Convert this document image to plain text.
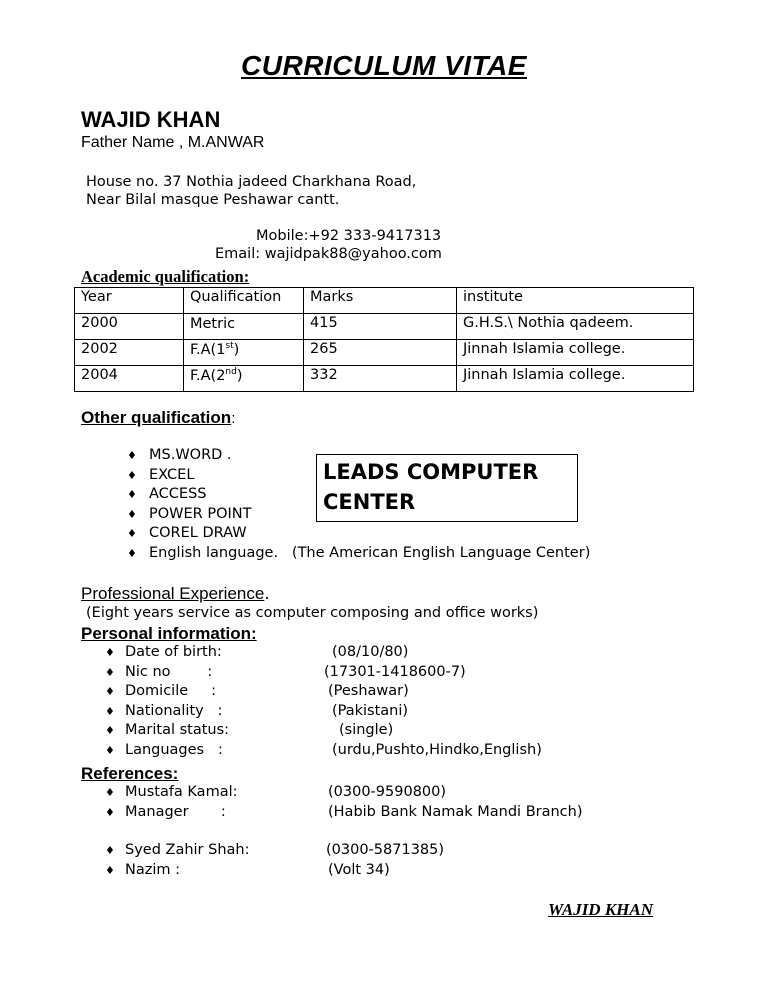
CURRICULUM VITAE
WAJID KHAN
Father Name , M.ANWAR
House no. 37 Nothia jadeed Charkhana Road,
Near Bilal masque Peshawar cantt.
Mobile:+92 333-9417313
Email: wajidpak88@yahoo.com
Academic qualification:
Year	Qualification	Marks	institute
2000	Metric	415	G.H.S.\ Nothia qadeem.
2002	F.A(1st)	265	Jinnah Islamia college.
2004	F.A(2nd)	332	Jinnah Islamia college.
Other qualification:
♦ MS.WORD .
♦ EXCEL
♦ ACCESS
♦ POWER POINT
♦ COREL DRAW
♦ English language.   (The American English Language Center)
LEADS COMPUTER
CENTER
Professional Experience.
(Eight years service as computer composing and office works)
Personal information:
♦ Date of birth:	(08/10/80)
♦ Nic no        :	(17301-1418600-7)
♦ Domicile     :	(Peshawar)
♦ Nationality   :	(Pakistani)
♦ Marital status:	(single)
♦ Languages   :	(urdu,Pushto,Hindko,English)
References:
♦ Mustafa Kamal:	(0300-9590800)
♦ Manager       :	(Habib Bank Namak Mandi Branch)
♦ Syed Zahir Shah:	(0300-5871385)
♦ Nazim :	(Volt 34)
WAJID KHAN
